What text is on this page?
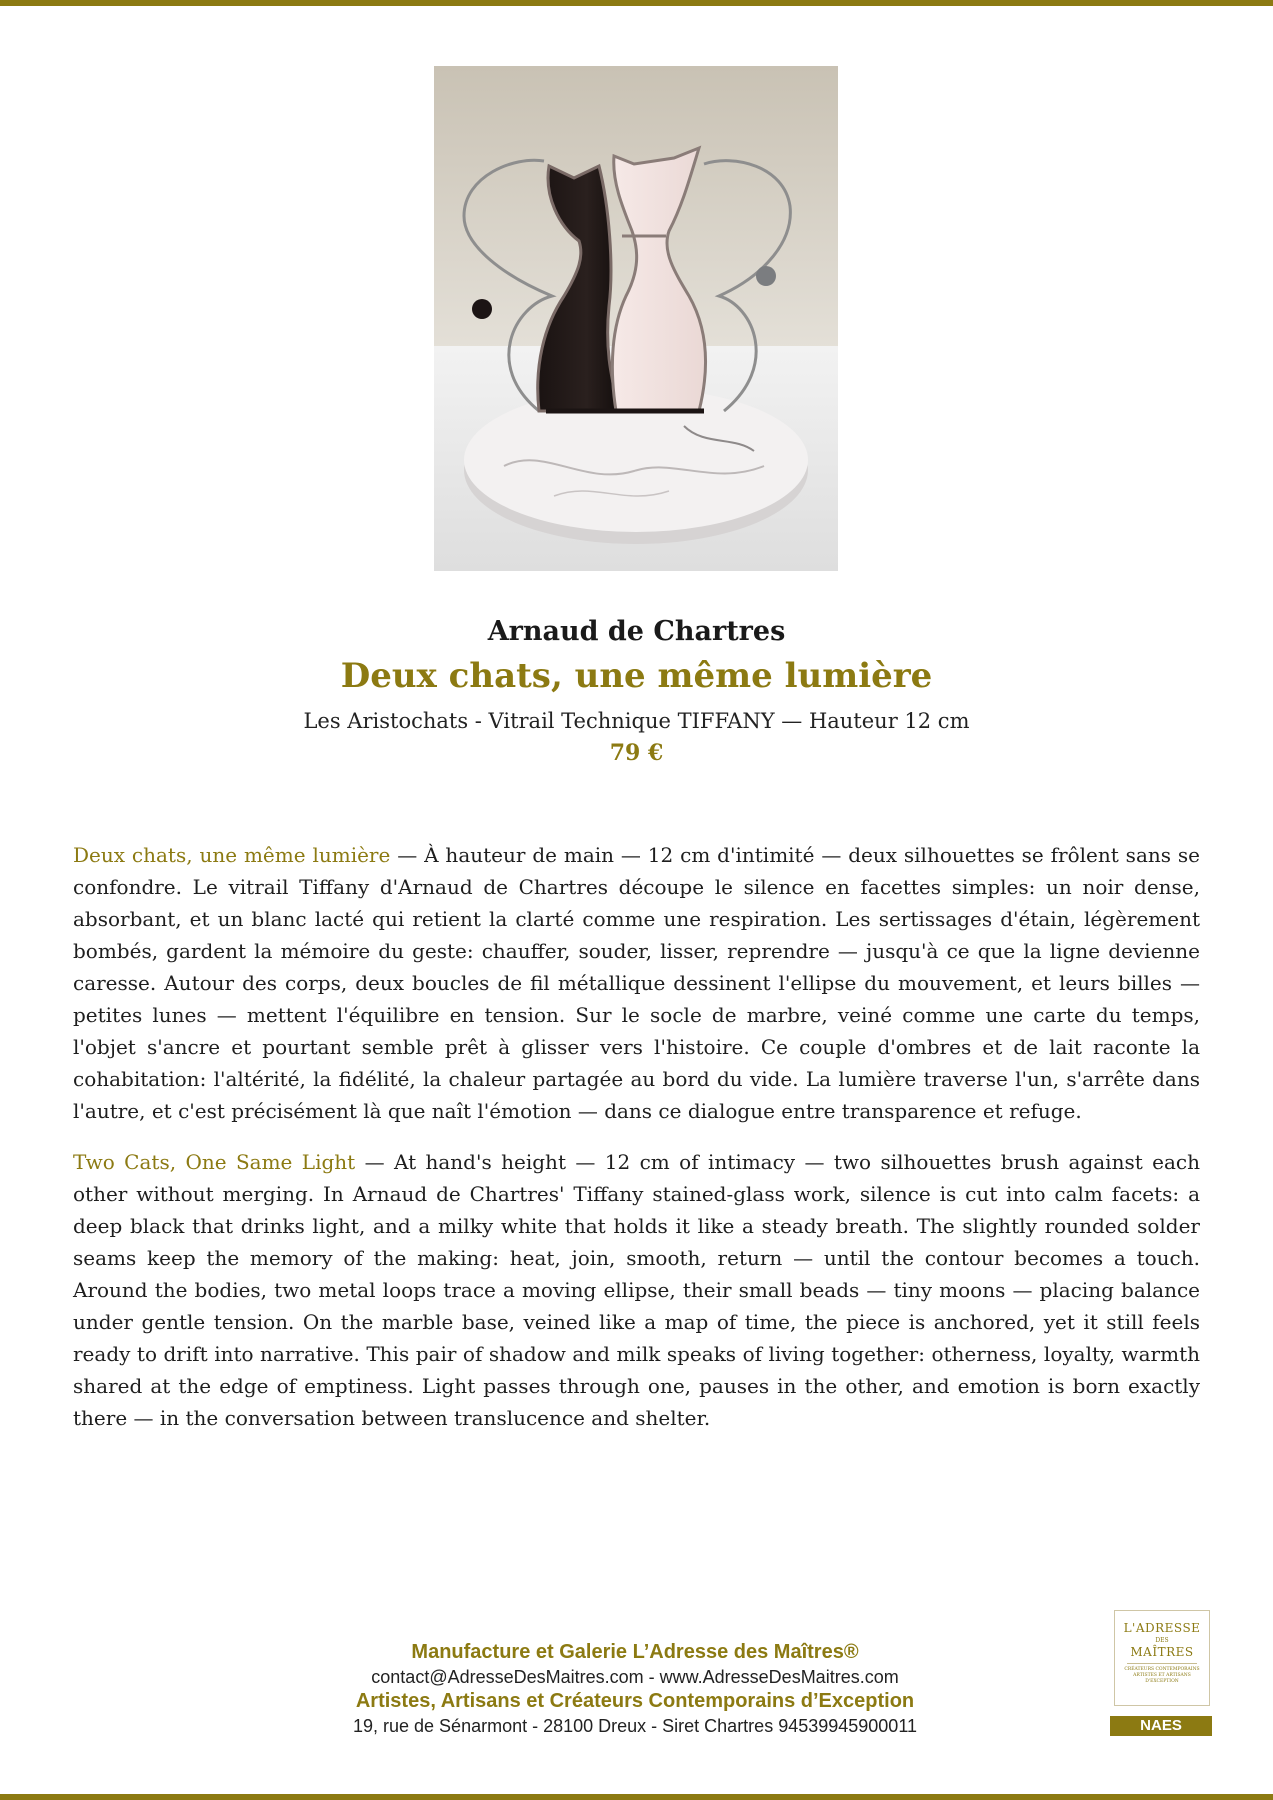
Arnaud de Chartres
Deux chats, une même lumière
Les Aristochats - Vitrail Technique TIFFANY — Hauteur 12 cm
79 €

Deux chats, une même lumière — À hauteur de main — 12 cm d'intimité — deux silhouettes se frôlent sans se confondre. Le vitrail Tiffany d'Arnaud de Chartres découpe le silence en facettes simples: un noir dense, absorbant, et un blanc lacté qui retient la clarté comme une respiration. Les sertissages d'étain, légèrement bombés, gardent la mémoire du geste: chauffer, souder, lisser, reprendre — jusqu'à ce que la ligne devienne caresse. Autour des corps, deux boucles de fil métallique dessinent l'ellipse du mouvement, et leurs billes — petites lunes — mettent l'équilibre en tension. Sur le socle de marbre, veiné comme une carte du temps, l'objet s'ancre et pourtant semble prêt à glisser vers l'histoire. Ce couple d'ombres et de lait raconte la cohabitation: l'altérité, la fidélité, la chaleur partagée au bord du vide. La lumière traverse l'un, s'arrête dans l'autre, et c'est précisément là que naît l'émotion — dans ce dialogue entre transparence et refuge.

Two Cats, One Same Light — At hand's height — 12 cm of intimacy — two silhouettes brush against each other without merging. In Arnaud de Chartres' Tiffany stained-glass work, silence is cut into calm facets: a deep black that drinks light, and a milky white that holds it like a steady breath. The slightly rounded solder seams keep the memory of the making: heat, join, smooth, return — until the contour becomes a touch. Around the bodies, two metal loops trace a moving ellipse, their small beads — tiny moons — placing balance under gentle tension. On the marble base, veined like a map of time, the piece is anchored, yet it still feels ready to drift into narrative. This pair of shadow and milk speaks of living together: otherness, loyalty, warmth shared at the edge of emptiness. Light passes through one, pauses in the other, and emotion is born exactly there — in the conversation between translucence and shelter.

Manufacture et Galerie L’Adresse des Maîtres®
contact@AdresseDesMaitres.com - www.AdresseDesMaitres.com
Artistes, Artisans et Créateurs Contemporains d’Exception
19, rue de Sénarmont - 28100 Dreux - Siret Chartres 94539945900011
L'ADRESSE
DES
MAÎTRES
CRÉATEURS CONTEMPORAINS ARTISTES ET ARTISANS D'EXCEPTION
NAES
